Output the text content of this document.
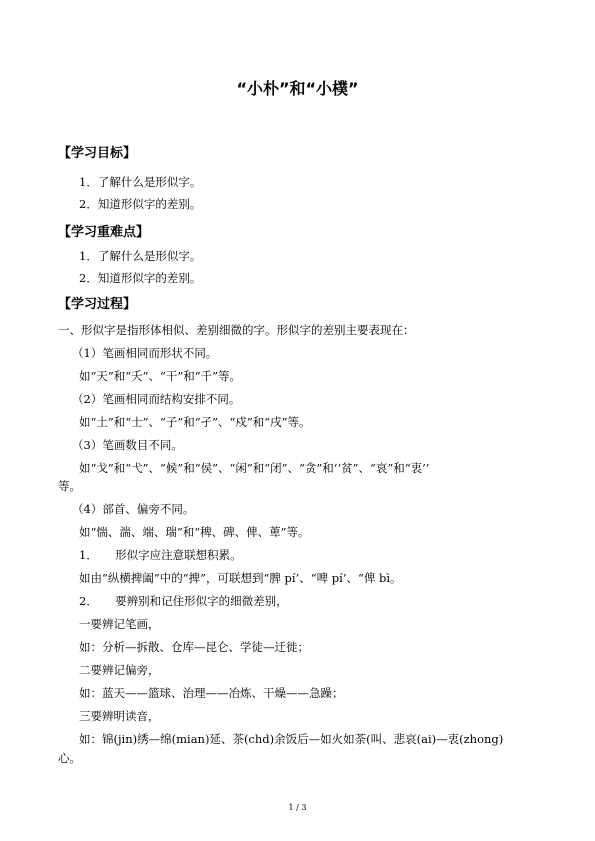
“小朴”和“小樸”
【学习目标】
1．了解什么是形似字。
2．知道形似字的差别。
【学习重难点】
1．了解什么是形似字。
2．知道形似字的差别。
【学习过程】
一、形似字是指形体相似、差别细微的字。形似字的差别主要表现在：
（1）笔画相同而形状不同。
如“天”和“夭”、“干”和“千”等。
（2）笔画相同而结构安排不同。
如“土”和“士”、“子”和“孑”、“戍”和“戌”等。
（3）笔画数目不同。
如“戈”和“弋”、“候”和“侯”、“闲”和“闭”、“贪”和‘‘贫”、“哀”和“衷’’
等。
（4）部首、偏旁不同。
如“惴、湍、端、瑞”和“稗、碑、俾、萆”等。
1．　　形似字应注意联想积累。
如由“纵横捭阖”中的“捭”，可联想到“脾 pí’、“啤 pí’、“俾 bì。
2．　　要辨别和记住形似字的细微差别，
一要辨记笔画，
如：分析—拆散、仓库—昆仑、学徒—迁徙；
二要辨记偏旁，
如：蓝天——篮球、治理——冶炼、干燥——急躁；
三要辨明读音，
如：锦(jin)绣—绵(mian)延、茶(chd)余饭后—如火如荼(叫、悲哀(ai)—衷(zhong)
心。
1 / 3
